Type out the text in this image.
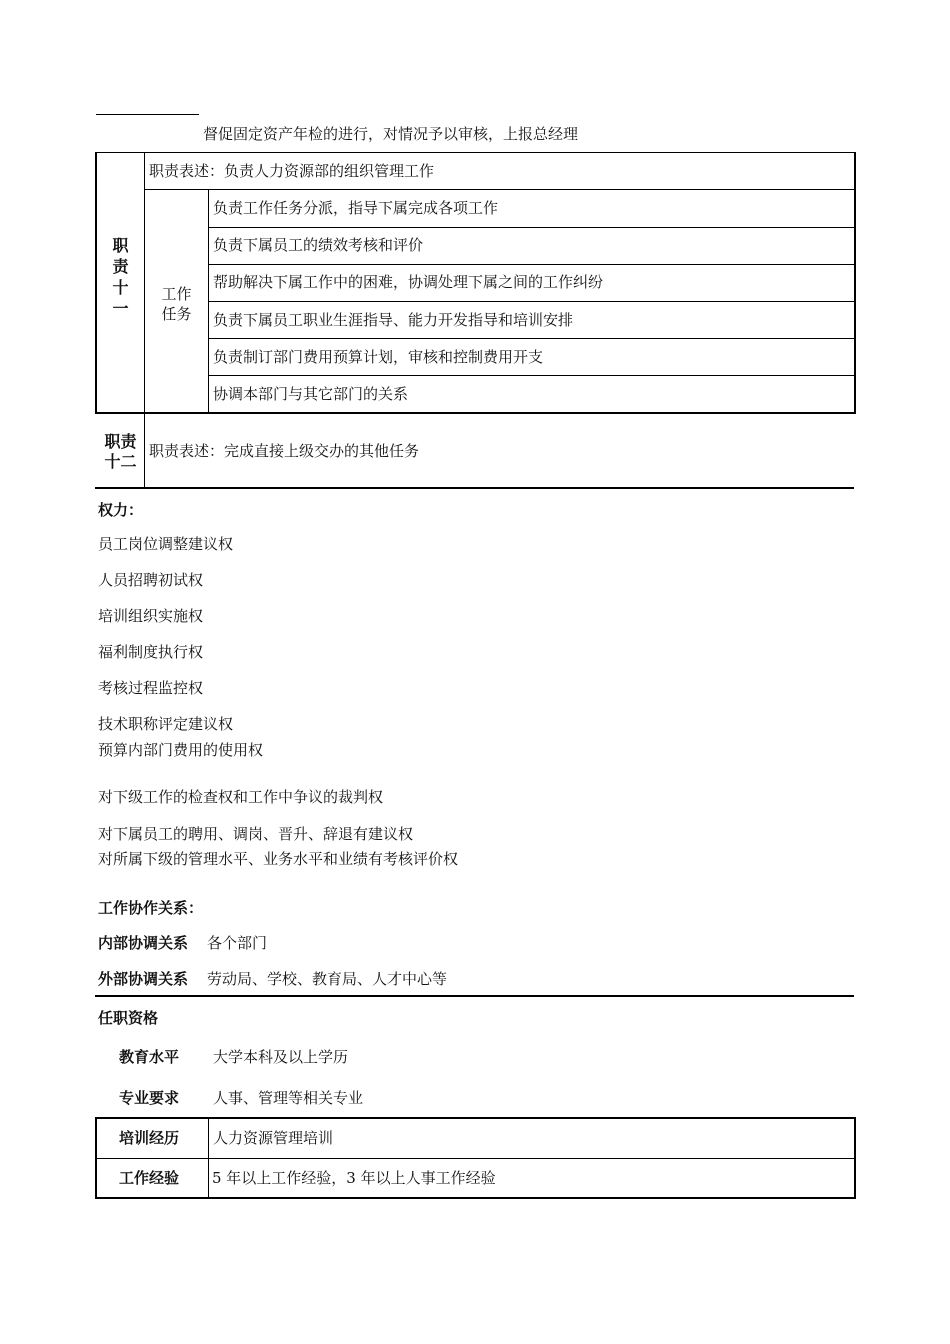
督促固定资产年检的进行，对情况予以审核，上报总经理
职
责
十
一
职责表述：负责人力资源部的组织管理工作
工作
任务
负责工作任务分派，指导下属完成各项工作
负责下属员工的绩效考核和评价
帮助解决下属工作中的困难，协调处理下属之间的工作纠纷
负责下属员工职业生涯指导、能力开发指导和培训安排
负责制订部门费用预算计划，审核和控制费用开支
协调本部门与其它部门的关系
职责
十二
职责表述：完成直接上级交办的其他任务
权力：
员工岗位调整建议权
人员招聘初试权
培训组织实施权
福利制度执行权
考核过程监控权
技术职称评定建议权
预算内部门费用的使用权
对下级工作的检查权和工作中争议的裁判权
对下属员工的聘用、调岗、晋升、辞退有建议权
对所属下级的管理水平、业务水平和业绩有考核评价权
工作协作关系：
内部协调关系 各个部门
外部协调关系 劳动局、学校、教育局、人才中心等
任职资格
教育水平 大学本科及以上学历
专业要求 人事、管理等相关专业
培训经历 人力资源管理培训
工作经验 5 年以上工作经验，3 年以上人事工作经验
